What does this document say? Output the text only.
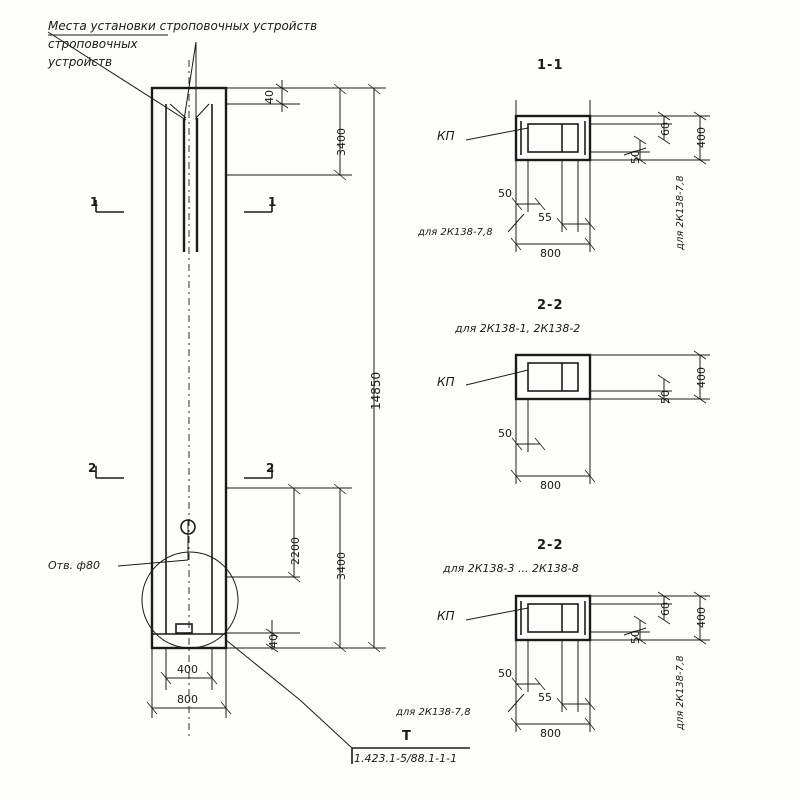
Места установки строповочных устройств
строповочных
устройств
1	1
2	2
Отв. ф80
40
3400
14850
3400
2200
40
400
800
1-1
КП
50
55
800
для 2К138-7,8
400
60
50
для 2К138-7,8
2-2
для 2К138-1, 2К138-2
КП
50
800
400
50
2-2
для 2К138-3 ... 2К138-8
КП
50
55
800
для 2К138-7,8
400
60
50
для 2К138-7,8
Т
1.423.1-5/88.1-1-1
